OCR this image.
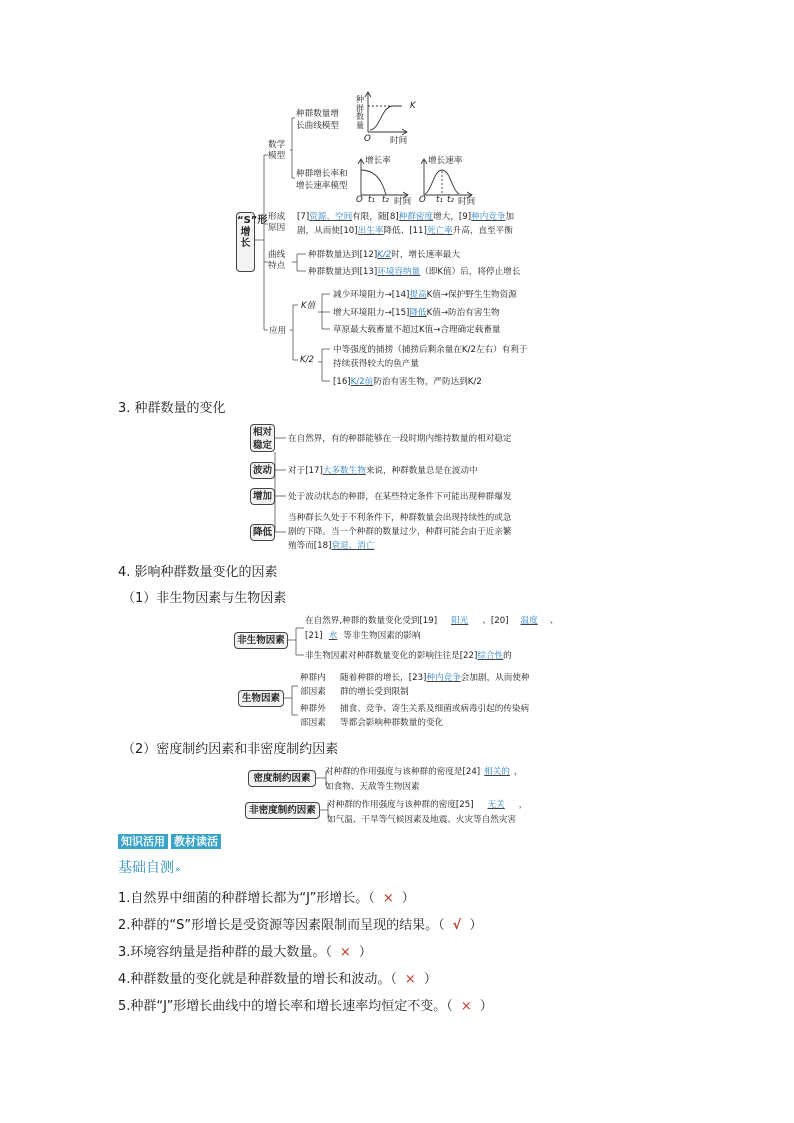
“S”形增长
数学模型
种群数量增
长曲线模型
种群数量
K
O 时间
种群增长率和
增长速率模型
增长率	增长速率
O t₁ t₂ 时间 O t₁ t₂ 时间
形成原因
[7]资源、空间有限，随[8]种群密度增大，[9]种内竞争加
剧，从而使[10]出生率降低、[11]死亡率升高，直至平衡
曲线特点
种群数量达到[12]K/2时，增长速率最大
种群数量达到[13]环境容纳量（即K值）后，将停止增长
应用
K值
减少环境阻力→[14]提高K值→保护野生生物资源
增大环境阻力→[15]降低K值→防治有害生物
草原最大载畜量不超过K值→合理确定载畜量
K/2
中等强度的捕捞（捕捞后剩余量在K/2左右）有利于
持续获得较大的鱼产量
[16]K/2前防治有害生物，严防达到K/2
3. 种群数量的变化
相对稳定
在自然界，有的种群能够在一段时期内维持数量的相对稳定
波动	对于[17]大多数生物来说，种群数量总是在波动中
增加	处于波动状态的种群，在某些特定条件下可能出现种群爆发
降低
当种群长久处于不利条件下，种群数量会出现持续性的或急
剧的下降。当一个种群的数量过少，种群可能会由于近亲繁
殖等而[18]衰退、消亡
4. 影响种群数量变化的因素
（1）非生物因素与生物因素
非生物因素
在自然界,种群的数量变化受到[19] 阳光 、[20] 温度 、
[21] 水 等非生物因素的影响
非生物因素对种群数量变化的影响往往是[22]综合性的
生物因素
种群内
部因素
随着种群的增长，[23]种内竞争会加剧，从而使种
群的增长受到限制
种群外
部因素
捕食、竞争、寄生关系及细菌或病毒引起的传染病
等都会影响种群数量的变化
（2）密度制约因素和非密度制约因素
密度制约因素
对种群的作用强度与该种群的密度是[24] 相关的 ，
如食物、天敌等生物因素
非密度制约因素	对种群的作用强度与该种群的密度[25] 无关 ，
如气温、干旱等气候因素及地震、火灾等自然灾害
知识活用 教材读活
基础自测»
1.自然界中细菌的种群增长都为“J”形增长。（ × ）
2.种群的“S”形增长是受资源等因素限制而呈现的结果。（ √ ）
3.环境容纳量是指种群的最大数量。（ × ）
4.种群数量的变化就是种群数量的增长和波动。（ × ）
5.种群“J”形增长曲线中的增长率和增长速率均恒定不变。（ × ）
